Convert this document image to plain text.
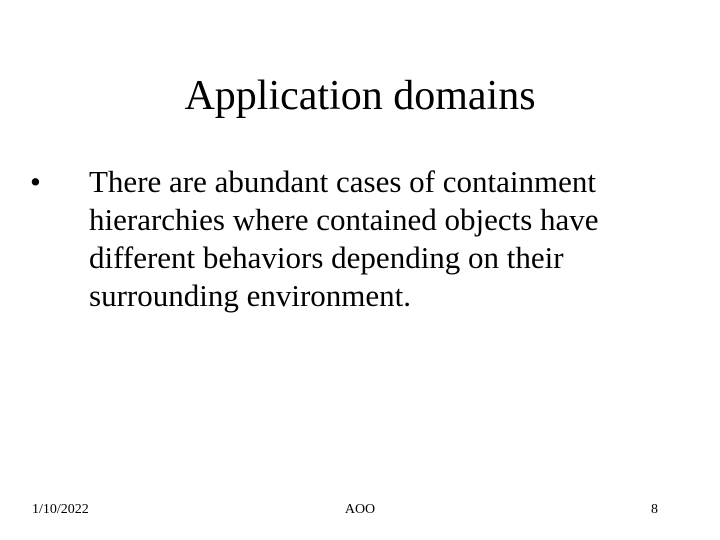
Application domains
•	There are abundant cases of containment
hierarchies where contained objects have
different behaviors depending on their
surrounding environment.
1/10/2022	AOO	8
